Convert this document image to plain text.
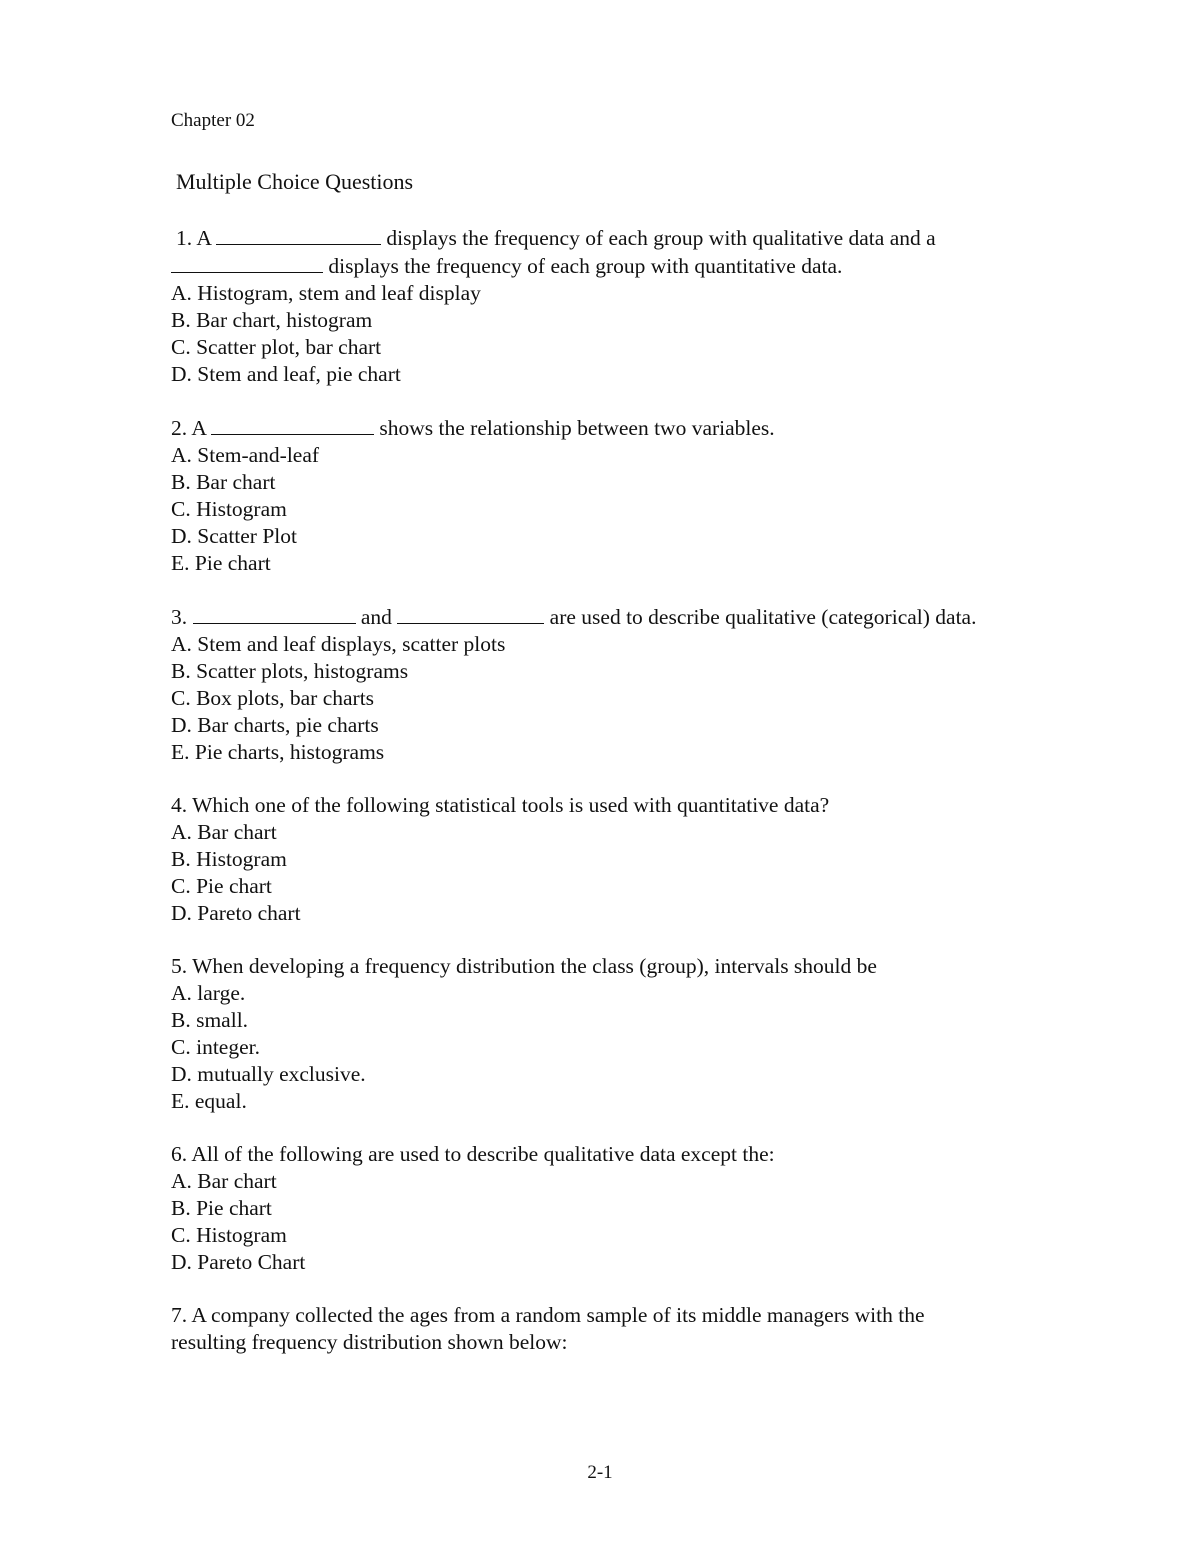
Chapter 02
Multiple Choice Questions
1. A	displays the frequency of each group with qualitative data and a
displays the frequency of each group with quantitative data.
A. Histogram, stem and leaf display
B. Bar chart, histogram
C. Scatter plot, bar chart
D. Stem and leaf, pie chart
2. A	shows the relationship between two variables.
A. Stem-and-leaf
B. Bar chart
C. Histogram
D. Scatter Plot
E. Pie chart
3.	and	are used to describe qualitative (categorical) data.
A. Stem and leaf displays, scatter plots
B. Scatter plots, histograms
C. Box plots, bar charts
D. Bar charts, pie charts
E. Pie charts, histograms
4. Which one of the following statistical tools is used with quantitative data?
A. Bar chart
B. Histogram
C. Pie chart
D. Pareto chart
5. When developing a frequency distribution the class (group), intervals should be
A. large.
B. small.
C. integer.
D. mutually exclusive.
E. equal.
6. All of the following are used to describe qualitative data except the:
A. Bar chart
B. Pie chart
C. Histogram
D. Pareto Chart
7. A company collected the ages from a random sample of its middle managers with the
resulting frequency distribution shown below:
2-1
